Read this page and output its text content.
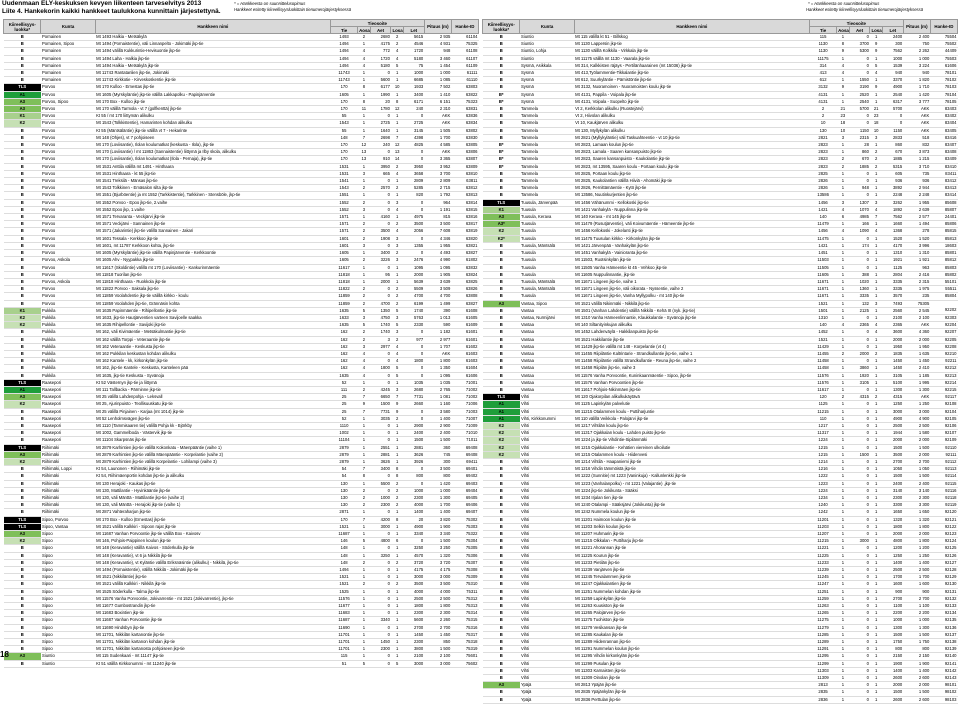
Uudenmaan ELY-keskuksen kevyen liikenteen tarveselvitys 2013
Liite 4. Hankekorin kaikki hankkeet taulukkona kunnittain järjestettynä.
* = Hankkeesta on suunnittelusopimus
Hankkeet esitetty kiireellisyysluokittain tienumerojärjestyksessä
* = Hankkeesta on suunnittelusopimus
Hankkeet esitetty kiireellisyysluokittain tienumerojärjestyksessä
Kiireellisyys-luokka*	Kunta	Hankkeen nimi	Tieosoite					Pituus (m)	Hanke-ID
			Tie	Aosa	Aet	Losa	Let		
B	Pornainen	Mt 1493 Halkia - Metsäkylä	1493	2	2680	2	5615	2 935	61104
B	Pornainen, Sipoo	Mt 1494 (Pornaistentie), väli Linnanpelto - Jokimäki jkp-tie	1494	1	4175	2	4546	4 931	75325
B	Pornainen	Mt 1494 välillä Kukkurintie-Hevisuontie jkp-tie	1494	4	772	4	1720	948	61108
B	Pornainen	Mt 1494 Laha - Halkia jkp-tie	1494	4	1720	4	5180	3 460	61107
B	Pornainen	Mt 1494 Halkia - Metsäkylä jkp-tie	1494	4	5180	5	75	1 454	61109
B	Pornainen	Mt 11743 Rantatanlien jkp-tie, Jokimäki	11743	1	0	1	1000	1 000	61111
B	Pornainen	Mt 11743 Kirkkotie - Kirveskoskentie jkp-tie	11743	1	5600	1	6685	1 085	61110
TLS	Porvoo	Mt 170 Kulloo - Ernestas jkp-tie	170	8	6177	10	1933	7 502	63803
A1	Porvoo	Mt 1605 (Myrskyläntie) jkp-tie välillä Lakkapolku - Papinjärventie	1605	1	1990	1	3400	1 410	63822
A3	Porvoo, Sipoo	Mt 170 Box - Kulloo jkp-tie	170	8	20	8	6171	6 151	75323
A3	Porvoo	Mt 170 välillä Tarmola - vt 7 (golfkenttä) jkp-tie	170	11	1780	12	240	2 310	63831
K1	Porvoo	Kt 55 / mt 170 liittymän alikulku	55	1	0	1	0	AKK	63836
K2	Porvoo	Mt 1543 (Tolkkistentie), Hamarinten kohdan alikulku	1543	1	2725	1	2725	AKK	63834
B	Porvoo	Kt 55 (Mäntsäläntie) jkp-tie välillä vt 7 - Hekarinte	55	1	1640	1	3145	1 505	63802
B	Porvoo	Mt 148 (Ohjes), vt 7 pohjoiseen	148	7	2698	7	4398	1 700	63830
B	Porvoo	Mt 170 (Loviisantie), Ilolan koulumatkat (keskusta - Ilola), jkp-tie	170	12	240	12	4825	4 585	63805
B	Porvoo	Mt 170 (Loviisantie) / mt 11863 (Sannaistentie) liittymä ja Ilby skola, alikulku	170	13	0	13	0	AKK	63806
B	Porvoo	Mt 170 (Loviisantie), Ilolan koulumatkat (Ilola - Pernaja), jkp-tie	170	13	910	14	0	3 365	63807
B	Porvoo	Mt 1531 Anttila välillä mt 1491 - Hinthaara	1531	1	3950	2	3950	3 952	63809
B	Porvoo	Mt 1531 Hinthaara - kt 55 jkp-tie	1531	3	665	4	3658	3 700	63810
B	Porvoo	Mt 1541 Treksilä - Mänsas jkp-tie	1541	1	0	1	2809	2 809	63811
B	Porvoo	Mt 1543 Tolkkinen - Emäsalon silta jkp-tie	1543	2	2570	2	5285	2 715	63812
B	Porvoo	Mt 1551 (Bjurböentie) ja mt 1552 (Tarkkistentie), Tarkkinen - Stensböle, jkp-tie	1551	1	0	1	820	1 792	63813
B	Porvoo	Mt 1552 Porvoo - Epoo jkp-tie, 2.vaihe	1552	2	0	3	0	964	63814
B	Porvoo	Mt 1552 Epoo jkp, 1.vaihe	1552	3	0	4	0	1 191	63815
B	Porvoo	Mt 1571 Tervaranta - Veckjärvi jkp-tie	1571	1	4160	1	4975	815	63816
B	Porvoo	Mt 1571 Veckjärvi - Sannainen jkp-tie	1571	2	0	2	3500	3 500	63817
B	Porvoo	Mt 1571 (Jakarintie) jkp-tie välillä Sannainen - Jakari	1571	2	3500	4	2056	7 608	63819
B	Porvoo	Mt 1601 Tessala - Kerkkoo jkp-tie	1601	2	1908	3	0	4 346	63820
B	Porvoo	Mt 1601, mt 11787 Kerkkoon kohta, jkp-tie	1601	3	0	3	1355	1 955	63821
B	Porvoo	Mt 1605 (Myrskyläntie) jkp-tie välillä Papinjärventie - Kerkkoontie	1605	1	3400	2	0	4 493	63827
B	Porvoo, Askola	Mt 1605 Ahv - Nyypakka jkp-tie	1605	2	3226	3	2476	4 990	61802
B	Porvoo	Mt 11617 (Skoldintie) välillä mt 170 (Loviisantie) - Kankurinmäentie	11617	1	0	1	1095	1 095	63832
B	Porvoo	Mt 11818 Tuorilan jkp-tie	11818	1	95	1	2000	1 905	63824
B	Porvoo, Askola	Mt 11818 Hinthaara - Ruokkola jkp-tie	11818	1	2000	1	5639	3 639	63825
B	Porvoo	Mt 11822 Porvoo - Saksala jkp-tie	11822	2	0	2	5509	3 509	63826
B	Porvoo	Mt 11859 Voolahdentie jkp-tie välillä kirkko - koulu	11859	2	0	2	4700	4 700	63808
B	Porvoo	Mt 11859 Voolahden jkp-tie, Grännäsin kohta	11859	2	4700	2	6199	1 499	63827
K1	Pukkila	Mt 1635 Papinmäentie - Rihipellontie jkp-tie	1635	5	1350	5	1740	390	61608
K2	Pukkila	Mt 1633, jkp-tie Hautjärventien varteen Savijoelle saakka	1633	3	4750	3	5763	1 013	61605
K2	Pukkila	Mt 1635 Rihipellontie - Savijoki jkp-tie	1635	5	1740	5	2330	590	61609
B	Pukkila	Mt 162, väli Kivimäentie - Metsäkulmantie jkp-tie	162	2	1740	3	0	1 182	61601
B	Pukkila	Mt 162 välillä Torppi - Veteraantie jkp-tie	162	2	3	2	977	2 977	61601
B	Pukkila	Mt 162 Veteraantie - Keskusta jkp-tie	162	3	2977	4	0	1 707	61602
B	Pukkila	Mt 162 Pukkilan keskustan kohdan alikulku	162	4	0	4	0	AKK	61603
B	Pukkila	Mt 162 Kantele - kk, kirkonkylän jkp-tie	162	4	0	4	1800	1 800	61603
B	Pukkila	Mt 162, jkp-tie Kantele - Keskusta, Kanteleen pää	162	4	1800	5	0	1 350	61604
B	Pukkila	Mt 1635, jkp-tie Keskusta - Syvänoja	1635	4	0	5	0	1 095	61606
TLS	Raasepori	Kt 52 Västernyn jkp-tie ja liittymä	52	1	0	1	1035	1 035	71001
A1	Raasepori	Mt 111 Tallbacka - Pärminne jkp-tie	111	2	4245	3	2680	2 765	71002
A3	Raasepori	Mt 25 välillä Lahdenpohja - Leksvall	25	7	6650	7	7731	1 081	71002
K2	Raasepori	Mt 25, Ajurinpuisto - Teollisuuskatu jkp-tie	25	9	1500	9	2660	1 160	71006
B	Raasepori	Mt 25 välillä Pinjainen - Karjaa (mt 1014) jkp-tie	25	7	7731	9	0	3 580	71003
B	Raasepori	Mt 52 Lenholmsvägen jkp-tie	52	1	3035	2	0	1 400	71007
B	Raasepori	Mt 1110 (Tammisaaren tie) välillä Pohja kk - Björkby	1110	1	0	1	2900	2 900	71009
B	Raasepori	Mt 1002, Gammelboda - Västervik jkp-tie	1002	1	0	1	2400	2 400	71010
B	Raasepori	Mt 11104 Skarpsnäs jkp-tie	11104	1	0	1	1500	1 500	71011
TLS	Riihimäki	Mt 2879 Karhintien jkp-tie välillä Kokonkatu - Mäenpääntie (vaihe 1)	2879	1	2551	1	2881	360	69408
A3	Riihimäki	Mt 2879 Karhintien jkp-tie välillä Mäenpääntie - Korpelantie (vaihe 2)	2879	1	2881	1	3626	745	69408
K2	Riihimäki	Mt 2879 Karhintien jkp-tie välillä Korpelantie - Lohilampi (vaihe 3)	2879	1	3626	1	3926	300	69411
B	Riihimäki, Loppi	Kt 54, Launonen - Riihimäki jkp-tie	54	7	3400	8	0	3 500	69401
B	Riihimäki	Kt 54, Riihimäenportin kohdan jkp-tie ja alikulku	54	8	0	8	800	800	69402
B	Riihimäki	Mt 130 Herajoki - Kaukas jkp-tie	130	1	5500	2	0	1 420	69403
B	Riihimäki	Mt 130, Mattilantie - Hyvinkääntie jkp-tie	130	2	0	2	1000	1 000	69404
B	Riihimäki	Mt 130, väli Mänttä - Mattilantie jkp-tie (vaihe 2)	130	2	1000	2	2300	1 300	69405
B	Riihimäki	Mt 130, väli Mänttä - Herajoki jkp-tie (vaihe 1)	130	2	2300	2	4000	1 700	69406
B	Riihimäki	Mt 2871 Vahteraharjun jkp-tie	2871	1	0	1	1400	1 400	69407
TLS	Sipoo, Porvoo	Mt 170 Box - Kulloo (Ernestas) jkp-tie	170	7	4200	8	20	3 820	75302
TLS	Sipoo, Vantaa	Mt 1521 välillä Kalkkiri - Sipoon rajat jkp-tie	1521	1	3000	1	4900	1 900	75303
A3	Sipoo	Mt 11687 Vanhan Porvoontie jkp-tie välillä Box - Kaivosv	11687	1	0	1	3340	3 340	75322
K2	Sipoo	Mt 146, Pohjois-Paippinen koulun jkp-tie	146	5	4800	6	0	1 500	75304
B	Sipoo	Mt 148 (Keravantie) välillä Kaivos - Söderkulla jkp-tie	148	1	0	1	3250	3 250	75305
B	Sipoo	Mt 148 (Keravantie), vt 6 ja Nikkilä jkp-tie	148	1	3250	1	4570	1 320	75306
B	Sipoo	Mt 148 (Keravantie), vt Kyläntie välillä Eriksnäsintie (alikulku) - Nikkilä, jkp-tie	148	2	0	2	3720	3 720	75307
B	Sipoo	Mt 1494 (Pornaistentie), välillä Nikkilä - Jokimäki jkp-tie	1494	1	0	1	4175	4 175	75308
B	Sipoo	Mt 1521 (Nikkiläntie) jkp-tie	1521	1	0	1	3000	3 000	75309
B	Sipoo	Mt 1521 välillä Kalkkiri - Nikkilä jkp-tie	1521	2	0	2	3500	3 500	75310
B	Sipoo	Mt 1525 Söderkulla - Talma jkp-tie	1525	1	0	1	4000	4 000	75311
B	Sipoo	Mt 11576 Vanha Porvoontie, Jokivarrentie - mt 1521 (Jokivarrentie), jkp-tie	11576	1	0	1	2500	2 500	75312
B	Sipoo	Mt 11677 Gumbostrandin jkp-tie	11677	1	0	1	1800	1 800	75313
B	Sipoo	Mt 11683 Boxintien jkp-tie	11683	1	0	1	2300	2 300	75314
B	Sipoo	Mt 11687 Vanhan Porvoontie jkp-tie	11687	1	3340	1	5600	2 260	75315
B	Sipoo	Mt 11690 Hindsbyn jkp-tie	11690	1	0	1	2700	2 700	75316
B	Sipoo	Mt 11701, Nikkilän kartanontie jkp-tie	11701	1	0	1	1450	1 450	75317
B	Sipoo	Mt 11701, Nikkilän kartanon kohdan jkp-tie	11701	1	1450	1	2300	850	75318
B	Sipoo	Mt 11701, Nikkilän kartanosta pohjoiseen jkp-tie	11701	1	2300	1	3800	1 500	75319
A3	Siuntio	Mt 115 Sudenkaari - mt 11147 jkp-tie	115	1	0	1	2100	2 100	75601
B	Siuntio	Kt 51 välillä Kirkkonummi - mt 11240 jkp-tie	51	5	0	5	3000	3 000	75602
Kiireellisyys-luokka*	Kunta	Hankkeen nimi	Tieosoite					Pituus (m)	Hanke-ID
			Tie	Aosa	Aet	Losa	Let		
B	Siuntio	Mt 115 välillä kt 51 - Billskog	115	1	0	1	2400	2 400	75504
B	Siuntio	Mt 1130 Lappersin jkp-tie	1130	8	3700	9	300	750	75502
B	Siuntio, Lohja	Mt 1130 välillä Kolkkila - Virkkala jkp-tie	1130	9	5300	9	7562	2 262	44409
B	Siuntio	Mt 11175 välillä mt 1130 - Vaarala jkp-tie	11175	1	0	1	1000	1 000	75503
B	Sysmä, Asikkala	Mt 314, Kalkkisten räjäys - Pertilänhaarainen (mt 15036) jkp-tie	314	4	0	5	1539	3 224	61606
B	Sysmä	Mt 413,Työlammentie-Tikkalantie jkp-tie	413	4	0	4	940	940	78101
B	Sysmä	Mt 612, Suurkyläntie - Pärnistöntie jkp-tie	612	1	1550	1	3370	1 820	78102
B	Sysmä	Mt 3132, Nuoramoinen - Nuoramoisten koulu jkp-tie	3132	9	3190	9	4900	1 710	78103
B*	Sysmä	Mt 4131, Pappila - Voipala jkp-tie	4131	1	2520	1	2540	1 420	78104
B*	Sysmä	Mt 4131, Voipala - Suopelto jkp-tie	4131	1	2540	1	6317	3 777	78105
B	Tammela	Vt 2, Kerkkolan alikulku (Ruostejärvi)	2	21	5700	21	5700	AKK	83403
B	Tammela	Vt 2, Hiivolan alikulku	2	23	0	23	0	AKK	83402
B	Tammela	Vt 10, Kaukjärven alikulku	10	18	0	18	0	AKK	83404
B	Tammela	Mt 130, Myllykylän alikulku	130	10	1150	10	1150	AKK	83405
B	Tammela	Mt 2821 (Myllykyläntie) väli Taskuahteentie - vt 10 jkp-tie	2821	3	2315	3	2833	518	83416
B*	Tammela	Mt 2823, Lamaan koulun jkp-tie	2823	1	28	1	860	832	83407
B*	Tammela	Mt 2823, Lamala - Saaren kansanpuisto jkp-tie	2823	1	860	2	670	3 873	83408
B*	Tammela	Mt 2823, Saaren kansanpuisto - Kaukolantie jkp-tie	2823	2	670	2	1885	1 215	83409
B*	Tammela	Mt 2823, mt 13595, Saaren koulu - Portaan koulu jkp-tie	2823	2	1885	2	5315	3 710	83410
B	Tammela	Mt 2825, Portaan koulu jkp-tie	2825	1	0	1	605	735	83411
B	Tammela	Mt 2825, Kaukolantien välillä Hiiviä - Ahomäki jkp-tie	2826	1	0	1	936	936	83412
B	Tammela	Mt 2826, Pernittämäentie - Kytö jkp-tie	2826	1	948	1	3892	2 944	83413
B	Tammela	Mt 13586, Nuutinkurjentien jkp-tie	13586	1	0	1	2248	2 248	83414
TLS	Tuusula, Järvenpää	Mt 1456 Vähänummi - Kellokoski jkp-tie	1456	3	1307	3	3262	1 955	85608
K1	Tuusula	Mt 1421 Vanhakylä - Nuppulinna jkp-tie	1421	4	1070	4	1892	2 639	85807
A3	Tuusula, Kerava	Mt 140 Kerava - mt 145 jkp-tie	140	6	4985	7	7562	2 577	24401
A3*	Tuusula	Mt 11479 (Rusutjärventie), väli Koivumäentie - Hämeentie jkp-tie	11479	1	166	1	1660	1 494	85806
K2	Tuusula	Mt 1456 Kellokoski - Jokelanti jkp-tie	1456	4	1090	4	1368	278	85815
K2*	Tuusula	Mt 11475 Tuusulan kirkko - Kirkonkylän jkp-tie	11475	1	0	1	1520	1 520	85813
B	Tuusula, Mäntsälä	Mt 1421 Järvenpää - Vanhakylän jkp-tie	1421	1	174	1	4170	3 996	18603
B	Tuusula	Mt 1451 Vanhakylä - Vainioranta jkp-tie	1451	1	0	1	1310	1 310	85801
B	Tuusula	Mt 11503, Ruotsinkylän jkp-tie	11503	1	0	1	1921	1 921	85812
B	Tuusula	Mt 11505 Vanha Hämeentie kt 45 - Vehkoo jkp-tie	11505	1	0	1	1125	963	85803
B	Tuusula	Mt 11605 Nuppulinnantie, jkp-tie	11605	1	388	1	2804	2 416	85802
B	Tuusula, Mäntsälä	Mt 11671 Lingeen jkp-tie, vaihe 1	11671	1	1020	1	3335	2 315	55101
B	Tuusula, Mäntsälä	Mt 11671 Lingeen jkp-tie, väli oikorata - Nyssentie, vaihe 2	11671	1	1360	1	3335	1 975	55511
B	Tuusula	Mt 11671 Lingeen jkp-tie, Vanha Myllypolku - mt 140 jkp-tie	11671	1	3335	1	3570	235	85804
A3	Vantaa, Sipoo	Mt 1521 välillä Nikinmäki - Nikkilä jkp-tie	1521	1	132	3	7493	75305	
B	Vantaa	Mt 1501 (Vanhan Lahdentie) välillä Nikkilä - Kehä III (nyk. jkp-tie)	1501	1	2125	1	2560	2 545	92202
B	Vantaa, Nurmijärvi	Mt 1310 Vanha Hämeenlinnantie, Klaukkalantie - Syvänoja jkp-tie	1310	1	0	1	2100	2 100	92303
B	Vantaa	Mt 140 Siltanityinkujan alikulku	140	4	2365	4	2365	AKK	92204
B	Vantaa	Mt 1452 Lahdenväylä - Hakkilanpuisto jkp-tie	1452	1	0	4	3600	4 360	92207
B	Vantaa	Mt 1521 Hakkilantie jkp-tie	1521	1	0	1	2000	2 000	92205
B	Vantaa	Mt 11429 jkp-tie välillä mt 148 - Korpelantie (vt 4)	11429	1	0	1	1950	1 950	92208
B	Vantaa	Mt 11455 Riipiläntie Kaltrintarie - Strandkullantie jkp-tie, vaihe 1	11455	2	2000	2	1835	1 635	92210
B	Vantaa	Mt 11458 Riipiläntie välillä Strandkullantie - Reuna jkp-tie, vaihe 2	11458	1	0	1	1450	1 450	92211
B	Vantaa	Mt 11458 Riipilän jkp-tie, vaihe 3	11458	1	3860	1	1450	2 410	92212
B	Vantaa	Mt 11576 Vanha Porvoontie, Kuninkaanmäentie - Sipoo, jkp-tie	11576	1	1920	1	3105	1 185	92213
B	Vantaa	Mt 11576 Vanhan Porvoontien jkp-tie	11576	1	3105	1	5100	1 995	92214
B	Vantaa	Mt 11617 Pohjois-Nikinmäen jkp-tie	11617	1	0	1	1300	1 300	92215
TLS	Vihti	Mt 120 Ojakorpilan alikulkukäytävä	120	2	4315	2	4315	AKK	92117
A1	Vihti	Mt 1125 Lapinkylän palvelutie	1125	1	0	1	1250	1 250	92108
A1	Vihti	Mt 11215 Otalammen koulu - Puttiharjuntie	11215	1	0	1	3000	3 000	92104
A1	Vihti, Kirkkonummi	Mt 110 välillä Veikkola - Palojärvi jkp-tie	110	1	0	1	4900	4 900	92105
K2	Vihti	Mt 1217 Vihtilän koulu jkp-tie	1217	1	0	1	2500	2 500	92106
K2	Vihti	Mt 11317 Ojakkalan koulu - Lahden puisto jkp-tie	11317	1	0	1	1944	1 580	92107
K2	Vihti	Mt 1224 ja jkp-tie Vihdintie-Sipilänmäki	1224	1	0	1	2000	2 000	92109
K2	Vihti	Mt 1215 Ojakkalantie - Kehätien viereinen ulkoilutie	1215	1	0	1	1500	1 500	92110
K2	Vihti	Mt 1215 Otalammen koulu - Hiidenvesi	1215	1	1500	1	3500	2 000	92111
B	Vihti	Mt 1214 Vihtilä - Haapaniemi jkp-tie	1214	1	0	1	2700	2 700	92112
B	Vihti	Mt 1216 Vihdin tämmöistä jkp-tie	1216	1	0	1	1050	1 050	92113
B	Vihti	Mt 1222 (Sunnitie) mt 1223 (Vaninkuja) - Kallunlenkki jkp-tie	1222	1	0	1	1500	1 500	92114
B	Vihti	Mt 1223 (Vanhalanpolku) - mt 1221 (Valajantie) ,jkp-tie	1223	1	0	1	2400	2 400	92115
B	Vihti	Mt 1224 jkp-tie Jokikunta - Sääksi	1224	1	0	1	3140	3 140	92116
B	Vihti	Mt 1234 Irjalan tien jkp-tie	1234	1	0	1	2300	2 300	92118
B	Vihti	Mt 1240 Otalampi - Sääksjärvi (Jokikunta) jkp-tie	1240	1	0	1	3300	3 300	92119
B	Vihti	Mt 1242 Nummela koulun jkp-tie	1242	1	0	1	1650	1 650	92120
B	Vihti	Mt 11201 Haimoon koulun jkp-tie	11201	1	0	1	1320	1 320	92121
B	Vihti	Mt 11203 Selkin koulun jkp-tie	11203	1	0	1	1800	1 800	92122
B	Vihti	Mt 11207 Huhmarin jkp-tie	11207	1	0	1	2000	2 000	92123
B	Vihti	Mt 11215 Olkkalan - Puttiharju jkp-tie	11215	1	3000	1	4800	1 800	92124
B	Vihti	Mt 11221 Ahorannan jkp-tie	11221	1	0	1	1200	1 200	92125
B	Vihti	Mt 11225 Kourun jkp-tie	11225	1	0	1	1250	1 250	92126
B	Vihti	Mt 11233 Pietilän jkp-tie	11233	1	0	1	1400	1 400	92127
B	Vihti	Mt 11239 Vanjärven jkp-tie	11239	1	0	1	2500	2 500	92128
B	Vihti	Mt 11245 Tervalammen jkp-tie	11245	1	0	1	1700	1 700	92129
B	Vihti	Mt 11247 Ojakkalantien jkp-tie	11247	1	0	1	1600	1 600	92130
B	Vihti	Mt 11251 Nummelan kohdan jkp-tie	11251	1	0	1	900	900	92131
B	Vihti	Mt 11259 Lapinkylän jkp-tie	11259	1	0	1	2700	2 700	92132
B	Vihti	Mt 11263 Kuusiston jkp-tie	11263	1	0	1	1100	1 100	92133
B	Vihti	Mt 11265 Palojärven jkp-tie	11265	1	0	1	2200	2 200	92134
B	Vihti	Mt 11275 Tuohiston jkp-tie	11275	1	0	1	1000	1 000	92135
B	Vihti	Mt 11279 Vesikansan jkp-tie	11279	1	0	1	1300	1 300	92136
B	Vihti	Mt 11285 Kaukalan jkp-tie	11285	1	0	1	1500	1 500	92137
B	Vihti	Mt 11289 Hiidenrannan jkp-tie	11289	1	0	1	1750	1 750	92138
B	Vihti	Mt 11291 Nummelan koulun jkp-tie	11291	1	0	1	800	800	92139
B	Vihti	Mt 11295 Vihdin kirkonkylän jkp-tie	11295	1	0	1	2150	2 150	92140
B	Vihti	Mt 11299 Pusulan jkp-tie	11299	1	0	1	1900	1 900	92141
B	Vihti	Mt 11303 Karnaisten jkp-tie	11303	1	0	1	1400	1 400	92142
B	Vihti	Mt 11309 Oinolan jkp-tie	11309	1	0	1	2600	2 600	92143
A3	Ypäjä	Mt 2813 Ypäjän jkp-tie	2813	1	0	1	2000	2 000	98101
B	Ypäjä	Mt 2835 Ypäjänkylän jkp-tie	2835	1	0	1	1500	1 500	98102
B	Ypäjä	Mt 2836 Perttulan jkp-tie	2836	1	0	1	2600	2 600	98103
18
